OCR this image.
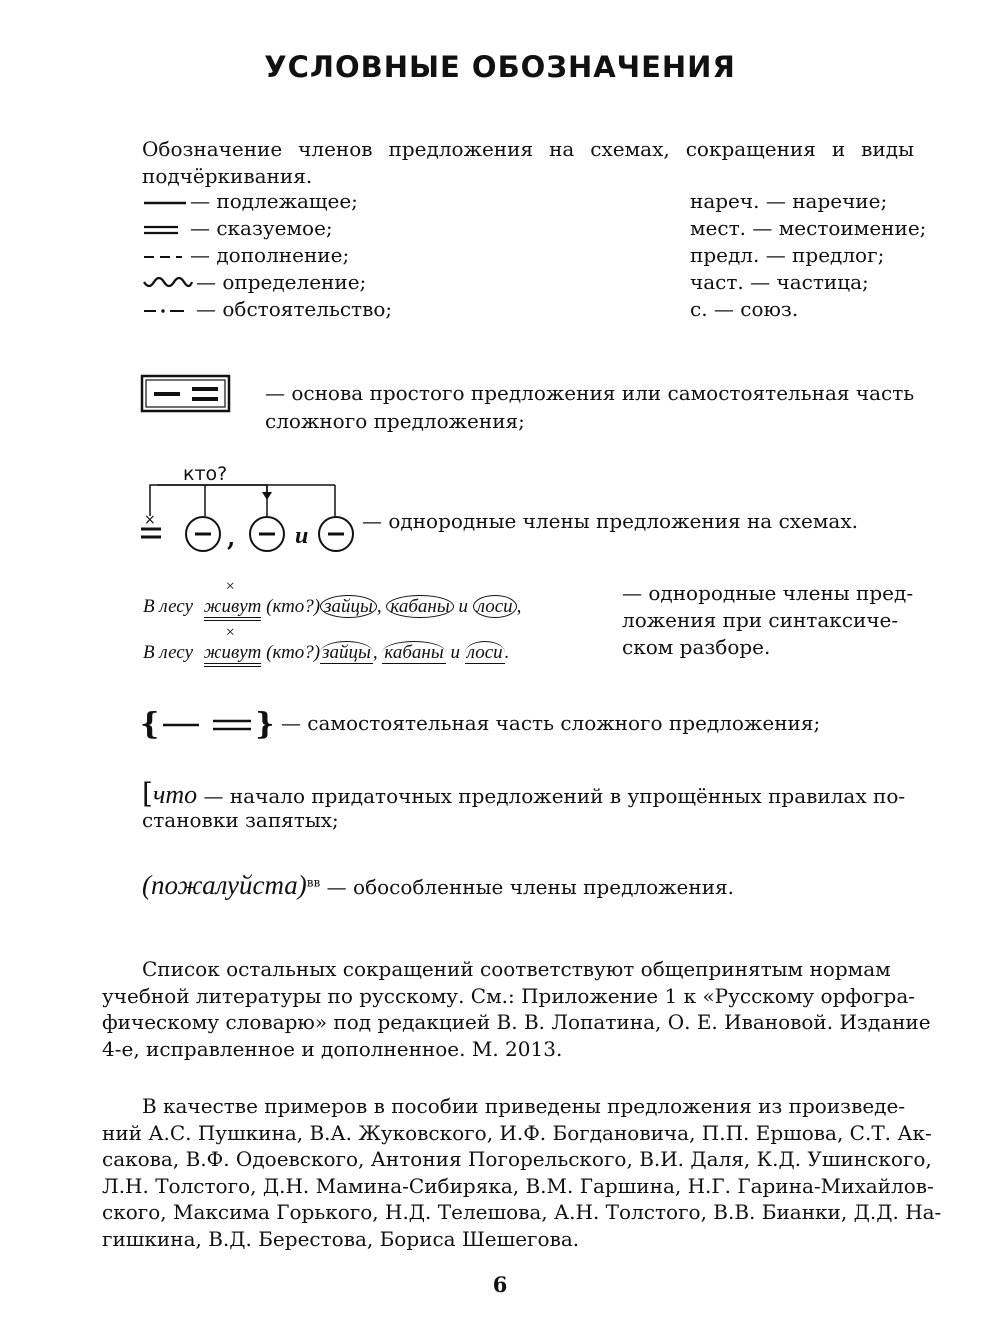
УСЛОВНЫЕ ОБОЗНАЧЕНИЯ
Обозначение членов предложения на схемах, сокращения и виды подчёркивания.
— подлежащее;
— сказуемое;
— дополнение;
— определение;
— обстоятельство;
нареч. — наречие;
мест. — местоимение;
предл. — предлог;
част. — частица;
с. — союз.
— основа простого предложения или самостоятельная часть
сложного предложения;
кто?
×
, и
— однородные члены предложения на схемах.
В лесу
×
живут (кто?) зайцы , кабаны и лоси ,
В лесу
×
живут (кто?) зайцы , кабаны и лоси .
— однородные члены пред-
ложения при синтаксиче-
ском разборе.
{	} — самостоятельная часть сложного предложения;
[что — начало придаточных предложений в упрощённых правилах по-
становки запятых;
(пожалуйста)$^{вв}$ — обособленные члены предложения.
Список остальных сокращений соответствуют общепринятым нормам
учебной литературы по русскому. См.: Приложение 1 к «Русскому орфогра-
фическому словарю» под редакцией В. В. Лопатина, О. Е. Ивановой. Издание
4-е, исправленное и дополненное. М. 2013.
В качестве примеров в пособии приведены предложения из произведе-
ний А.С. Пушкина, В.А. Жуковского, И.Ф. Богдановича, П.П. Ершова, С.Т. Ак-
сакова, В.Ф. Одоевского, Антония Погорельского, В.И. Даля, К.Д. Ушинского,
Л.Н. Толстого, Д.Н. Мамина-Сибиряка, В.М. Гаршина, Н.Г. Гарина-Михайлов-
ского, Максима Горького, Н.Д. Телешова, А.Н. Толстого, В.В. Бианки, Д.Д. На-
гишкина, В.Д. Берестова, Бориса Шешегова.
6
